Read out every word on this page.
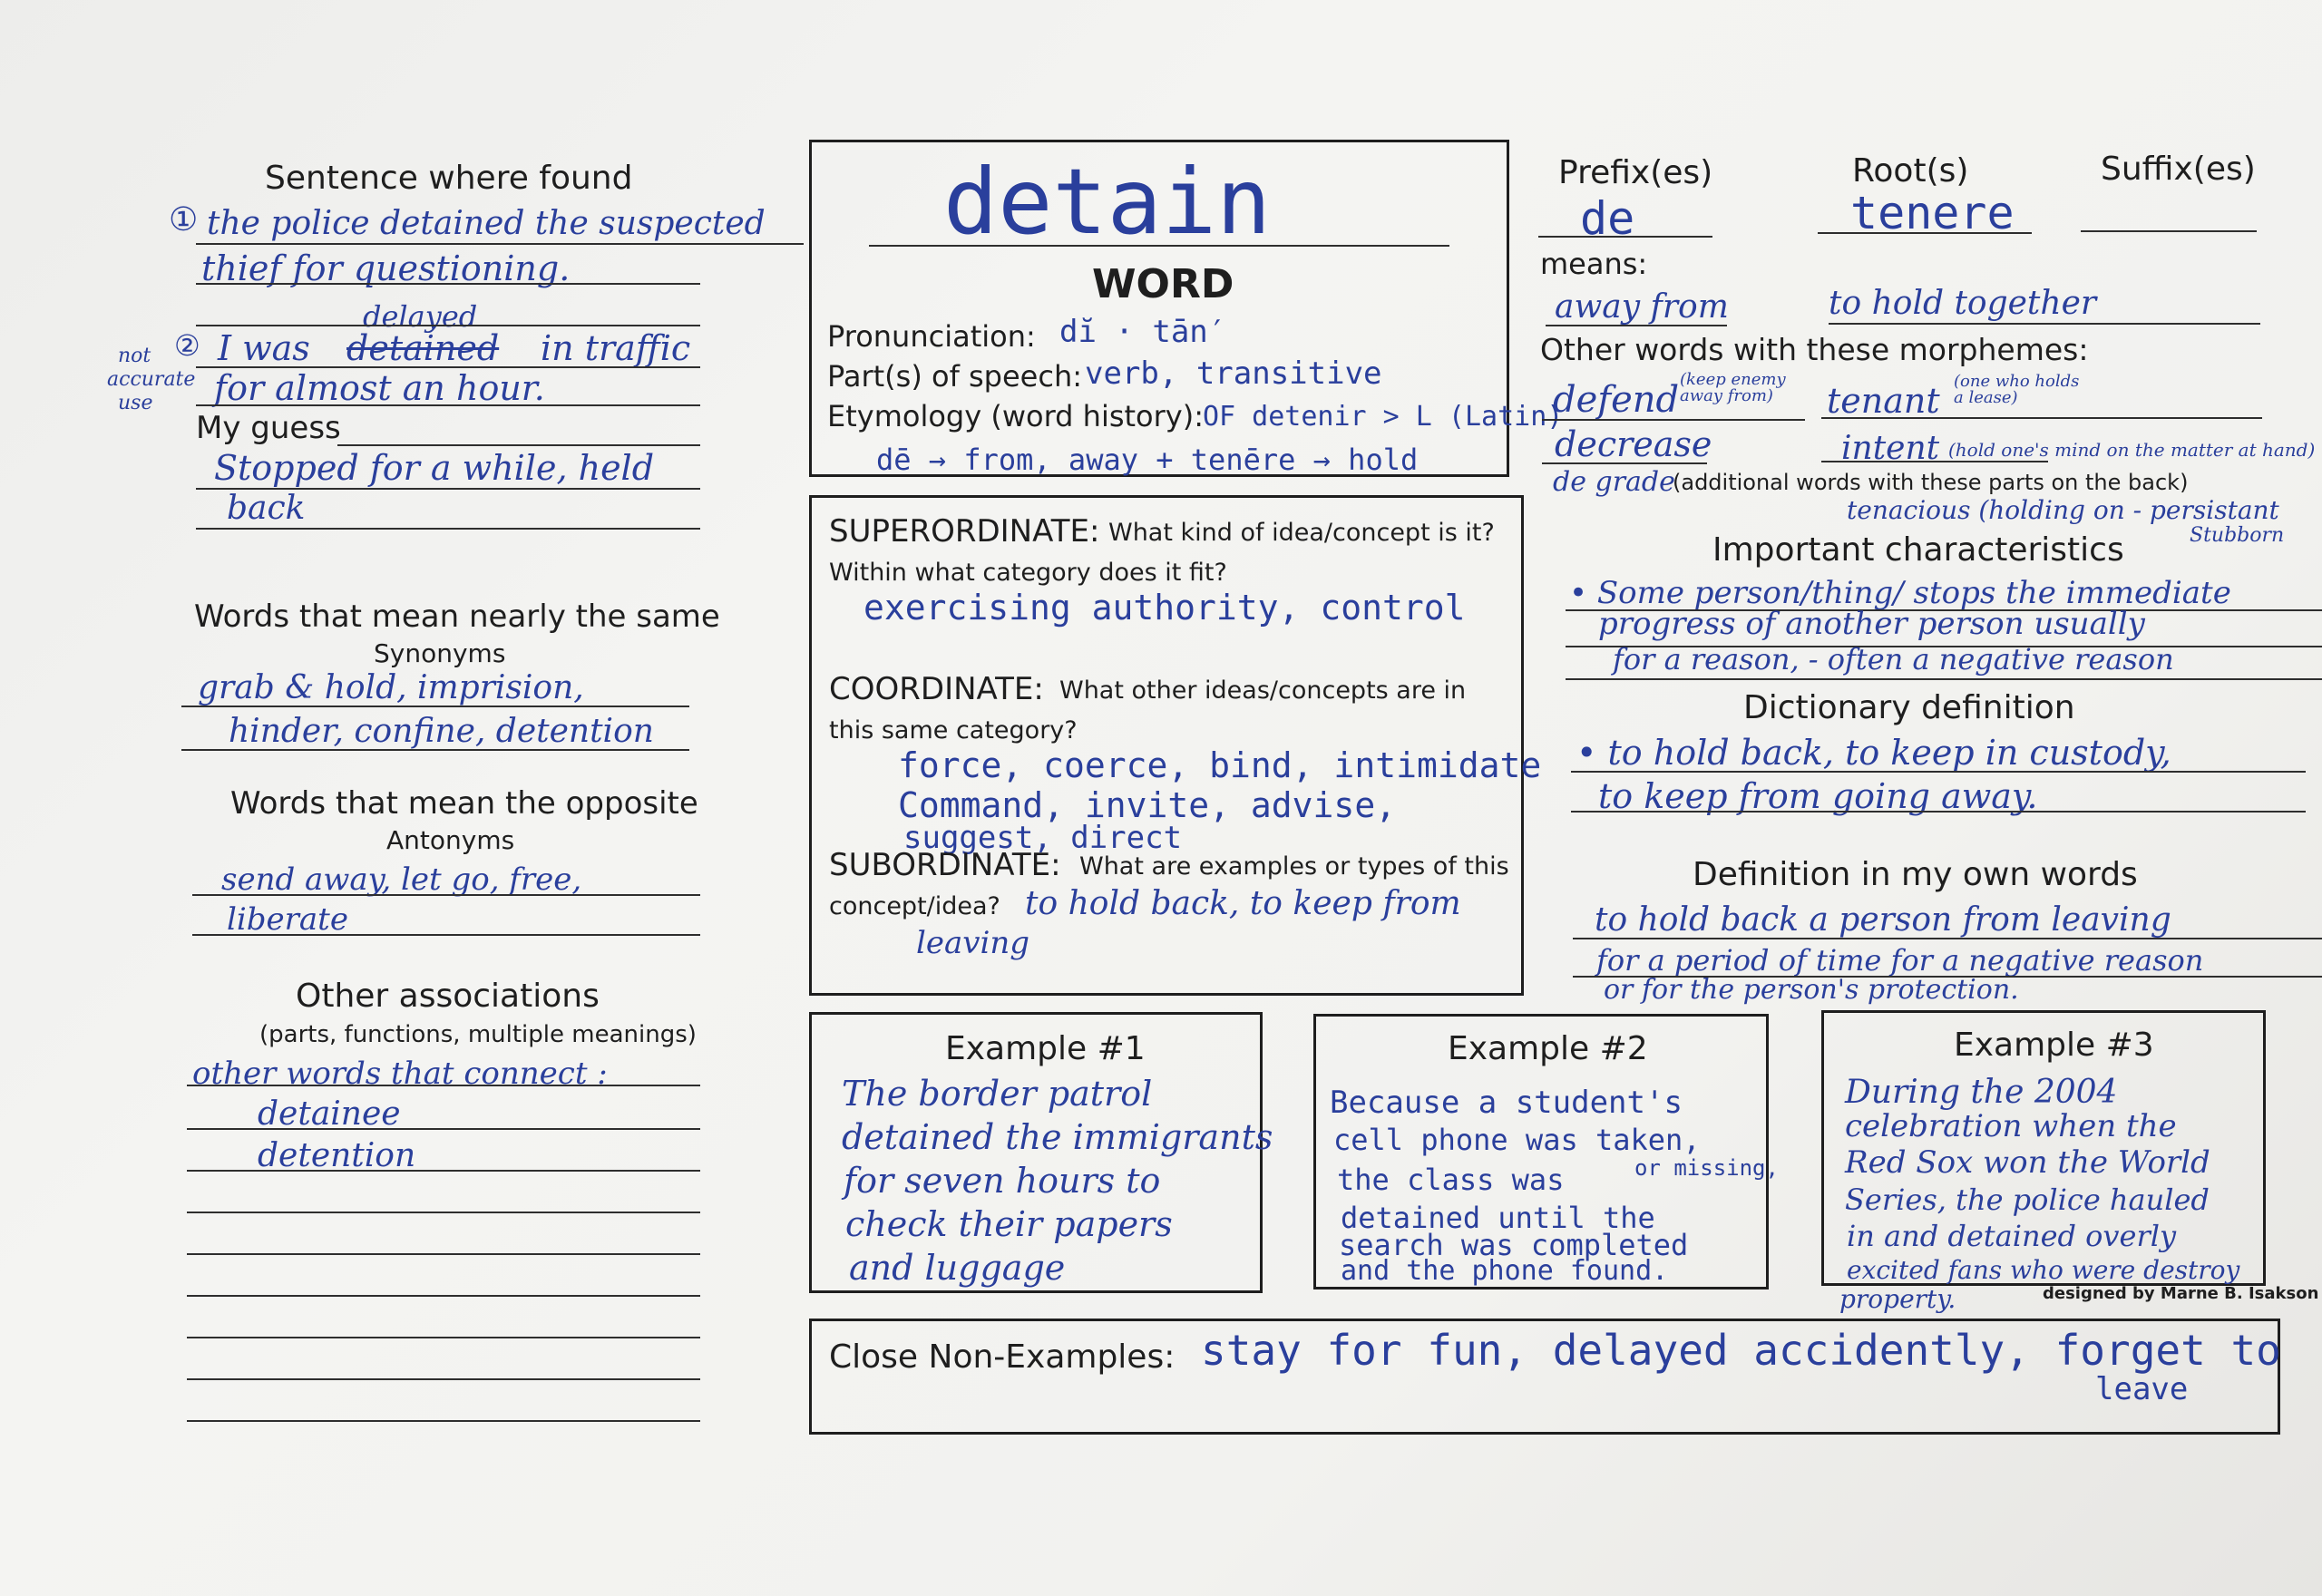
Sentence where found
① the police detained the suspected
thief for questioning.
delayed
② I was detained in traffic
for almost an hour.
not
accurate
use
My guess
Stopped for a while, held
back
Words that mean nearly the same
Synonyms
grab & hold, imprision,
hinder, confine, detention
Words that mean the opposite
Antonyms
send away, let go, free,
liberate
Other associations
(parts, functions, multiple meanings)
other words that connect :
detainee
detention
detain
WORD
Pronunciation: dĭ · tān′
Part(s) of speech: verb, transitive
Etymology (word history): OF detenir > L (Latin)
dē → from, away + tenēre → hold
SUPERORDINATE: What kind of idea/concept is it?
Within what category does it fit?
exercising authority, control
COORDINATE: What other ideas/concepts are in
this same category?
force, coerce, bind, intimidate
Command, invite, advise,
suggest, direct
SUBORDINATE: What are examples or types of this
concept/idea? to hold back, to keep from
leaving
Prefix(es)	Root(s)	Suffix(es)
de	tenere
means:
away from	to hold together
Other words with these morphemes:
defend (keep enemy away from)
decrease
de grade
tenant (one who holds a lease)
intent (hold one's mind on the matter at hand)
(additional words with these parts on the back)
tenacious (holding on - persistant
Stubborn
Important characteristics
• Some person/thing/ stops the immediate
progress of another person usually
for a reason, - often a negative reason
Dictionary definition
• to hold back, to keep in custody,
to keep from going away.
Definition in my own words
to hold back a person from leaving
for a period of time for a negative reason
or for the person's protection.
Example #1
The border patrol
detained the immigrants
for seven hours to
check their papers
and luggage
Example #2
Because a student's
cell phone was taken,
the class was	or missing,
detained until the
search was completed
and the phone found.
Example #3
During the 2004
celebration when the
Red Sox won the World
Series, the police hauled
in and detained overly
excited fans who were destroy
property.	designed by Marne B. Isakson
Close Non-Examples: stay for fun, delayed accidently, forget to
leave
